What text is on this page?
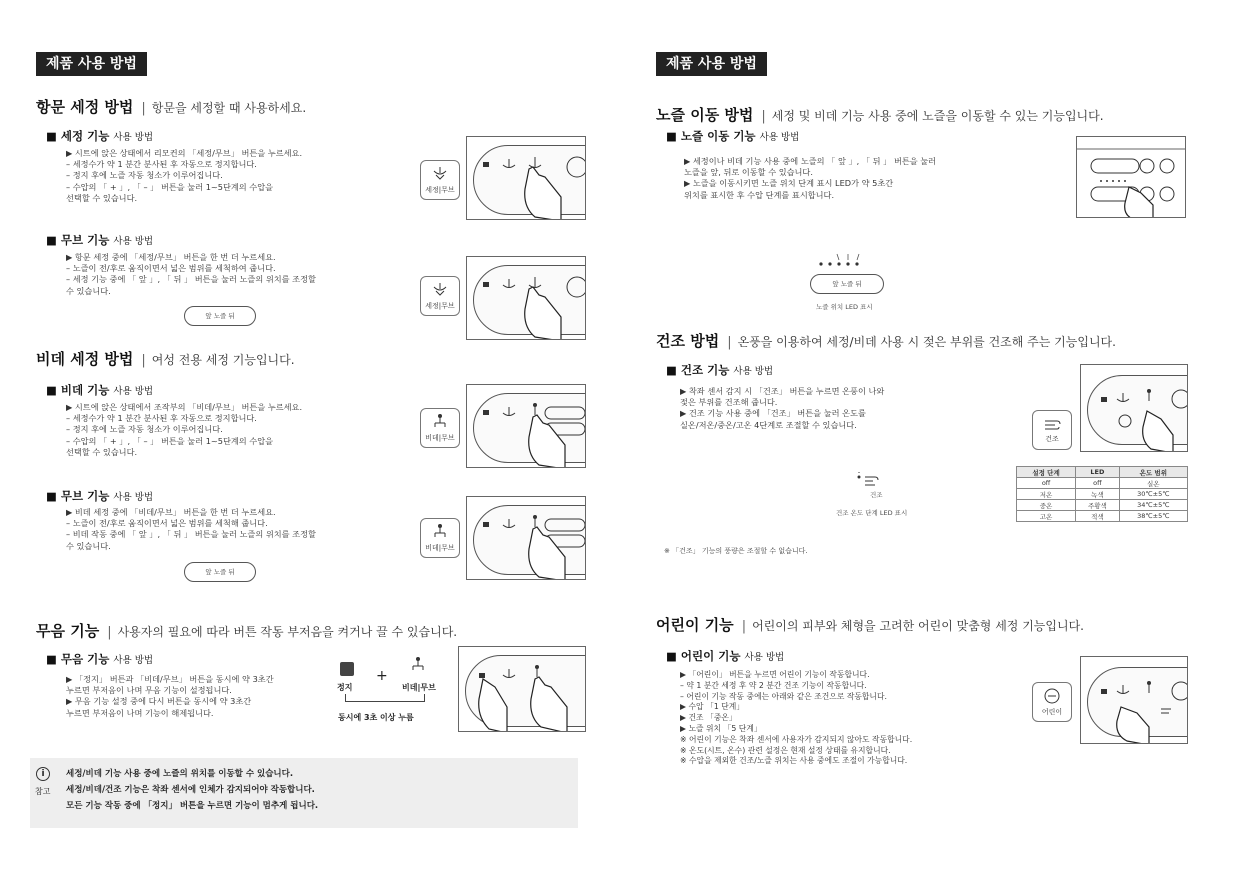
제품 사용 방법
항문 세정 방법 | 항문을 세정할 때 사용하세요.
■ 세정 기능 사용 방법
▶ 시트에 앉은 상태에서 리모컨의 「세정/무브」 버튼을 누르세요.
– 세정수가 약 1 분간 분사된 후 자동으로 정지합니다.
– 정지 후에 노즐 자동 청소가 이루어집니다.
– 수압의 「 + 」, 「 – 」 버튼을 눌러 1~5단계의 수압을
선택할 수 있습니다.
세정|무브
■ 무브 기능 사용 방법
▶ 항문 세정 중에 「세정/무브」 버튼을 한 번 더 누르세요.
– 노즐이 전/후로 움직이면서 넓은 범위를 세척하여 줍니다.
– 세정 기능 중에 「 앞 」, 「 뒤 」 버튼을 눌러 노즐의 위치를 조정할
수 있습니다.
앞 노즐 뒤
세정|무브
비데 세정 방법 | 여성 전용 세정 기능입니다.
■ 비데 기능 사용 방법
▶ 시트에 앉은 상태에서 조작부의 「비데/무브」 버튼을 누르세요.
– 세정수가 약 1 분간 분사된 후 자동으로 정지합니다.
– 정지 후에 노즐 자동 청소가 이루어집니다.
– 수압의 「 + 」, 「 – 」 버튼을 눌러 1~5단계의 수압을
선택할 수 있습니다.
비데|무브
■ 무브 기능 사용 방법
▶ 비데 세정 중에 「비데/무브」 버튼을 한 번 더 누르세요.
– 노즐이 전/후로 움직이면서 넓은 범위를 세척해 줍니다.
– 비데 작동 중에 「 앞 」, 「 뒤 」 버튼을 눌러 노즐의 위치를 조정할
수 있습니다.
앞 노즐 뒤
비데|무브
무음 기능 | 사용자의 필요에 따라 버튼 작동 부저음을 켜거나 끌 수 있습니다.
■ 무음 기능 사용 방법
▶ 「정지」 버튼과 「비데/무브」 버튼을 동시에 약 3초간
누르면 부저음이 나며 무음 기능이 설정됩니다.
▶ 무음 기능 설정 중에 다시 버튼을 동시에 약 3초간
누르면 부저음이 나며 기능이 해제됩니다.
정지
+
비데|무브
동시에 3초 이상 누름
i
참고
세정/비데 기능 사용 중에 노즐의 위치를 이동할 수 있습니다.
세정/비데/건조 기능은 착좌 센서에 인체가 감지되어야 작동합니다.
모든 기능 작동 중에 「정지」 버튼을 누르면 기능이 멈추게 됩니다.
제품 사용 방법
노즐 이동 방법 | 세정 및 비데 기능 사용 중에 노즐을 이동할 수 있는 기능입니다.
■ 노즐 이동 기능 사용 방법
▶ 세정이나 비데 기능 사용 중에 노즐의 「 앞 」, 「 뒤 」 버튼을 눌러
노즐을 앞, 뒤로 이동할 수 있습니다.
▶ 노즐을 이동시키면 노즐 위치 단계 표시 LED가 약 5초간
위치를 표시한 후 수압 단계를 표시합니다.
앞 노즐 뒤
노즐 위치 LED 표시
건조 방법 | 온풍을 이용하여 세정/비데 사용 시 젖은 부위를 건조해 주는 기능입니다.
■ 건조 기능 사용 방법
▶ 착좌 센서 감지 시 「건조」 버튼을 누르면 온풍이 나와
젖은 부위를 건조해 줍니다.
▶ 건조 기능 사용 중에 「건조」 버튼을 눌러 온도를
실온/저온/중온/고온 4단계로 조절할 수 있습니다.
건조
건조
건조 온도 단계 LED 표시
설정 단계	LED	온도 범위
off	off	실온
저온	녹색	30℃±5℃
중온	주황색	34℃±5℃
고온	적색	38℃±5℃
※ 「건조」 기능의 풍량은 조절할 수 없습니다.
어린이 기능 | 어린이의 피부와 체형을 고려한 어린이 맞춤형 세정 기능입니다.
■ 어린이 기능 사용 방법
▶ 「어린이」 버튼을 누르면 어린이 기능이 작동합니다.
– 약 1 분간 세정 후 약 2 분간 건조 기능이 작동합니다.
– 어린이 기능 작동 중에는 아래와 같은 조건으로 작동합니다.
▶ 수압 「1 단계」
▶ 건조 「중온」
▶ 노즐 위치 「5 단계」
※ 어린이 기능은 착좌 센서에 사용자가 감지되지 않아도 작동합니다.
※ 온도(시트, 온수) 관련 설정은 현재 설정 상태를 유지합니다.
※ 수압을 제외한 건조/노즐 위치는 사용 중에도 조절이 가능합니다.
어린이
